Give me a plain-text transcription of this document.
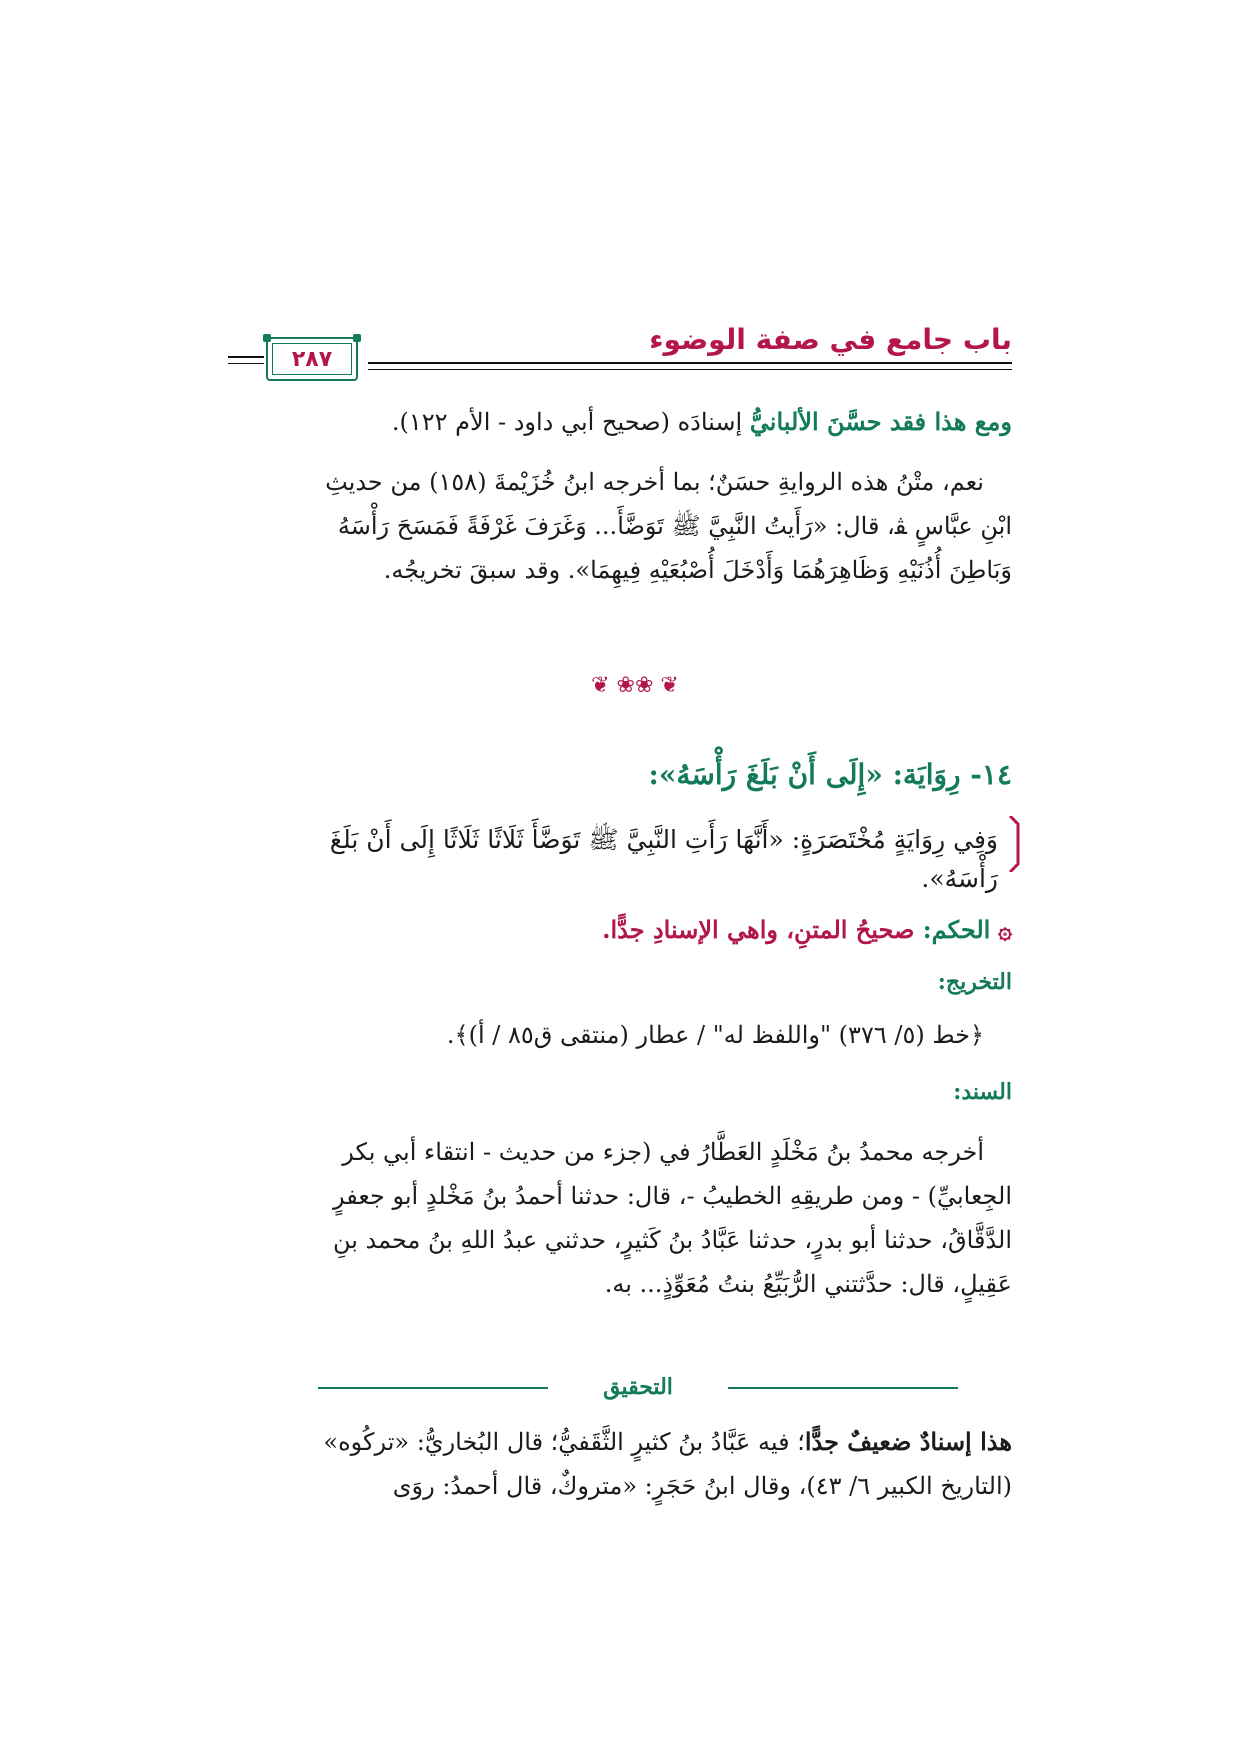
باب جامع في صفة الوضوء
٢٨٧
ومع هذا فقد حسَّنَ الألبانيُّ إسنادَه (صحيح أبي داود - الأم ١٢٢).
نعم، متْنُ هذه الروايةِ حسَنٌ؛ بما أخرجه ابنُ خُزَيْمةَ (١٥٨) من حديثِ
ابْنِ عبَّاسٍ ﭭ، قال: «رَأَيتُ النَّبِيَّ ﷺ تَوَضَّأَ... وَغَرَفَ غَرْفَةً فَمَسَحَ رَأْسَهُ
وَبَاطِنَ أُذُنَيْهِ وَظَاهِرَهُمَا وَأَدْخَلَ أُصْبُعَيْهِ فِيهِمَا». وقد سبقَ تخريجُه.
❦ ❀❀ ❦
١٤- رِوَايَة: «إِلَى أَنْ بَلَغَ رَأْسَهُ»:
وَفِي رِوَايَةٍ مُخْتَصَرَةٍ: «أَنَّهَا رَأَتِ النَّبِيَّ ﷺ تَوَضَّأَ ثَلَاثًا ثَلَاثًا إِلَى أَنْ بَلَغَ
رَأْسَهُ».
۞ الحكم: صحيحُ المتنِ، واهي الإسنادِ جدًّا.
التخريج:
﴿خط (٥/ ٣٧٦) "واللفظ له" / عطار (منتقى ق٨٥ / أ)﴾.
السند:
أخرجه محمدُ بنُ مَخْلَدٍ العَطَّارُ في (جزء من حديث - انتقاء أبي بكر
الجِعابيِّ) - ومن طريقِهِ الخطيبُ -، قال: حدثنا أحمدُ بنُ مَخْلدٍ أبو جعفرٍ
الدَّقَّاقُ، حدثنا أبو بدرٍ، حدثنا عَبَّادُ بنُ كَثيرٍ، حدثني عبدُ اللهِ بنُ محمد بنِ
عَقِيلٍ، قال: حدَّثتني الرُّبَيِّعُ بنتُ مُعَوِّذٍ... به.
التحقيق
هذا إسنادٌ ضعيفٌ جدًّا؛ فيه عَبَّادُ بنُ كثيرٍ الثَّقَفيُّ؛ قال البُخاريُّ: «تركُوه»
(التاريخ الكبير ٦/ ٤٣)، وقال ابنُ حَجَرٍ: «متروكٌ، قال أحمدُ: روَى
